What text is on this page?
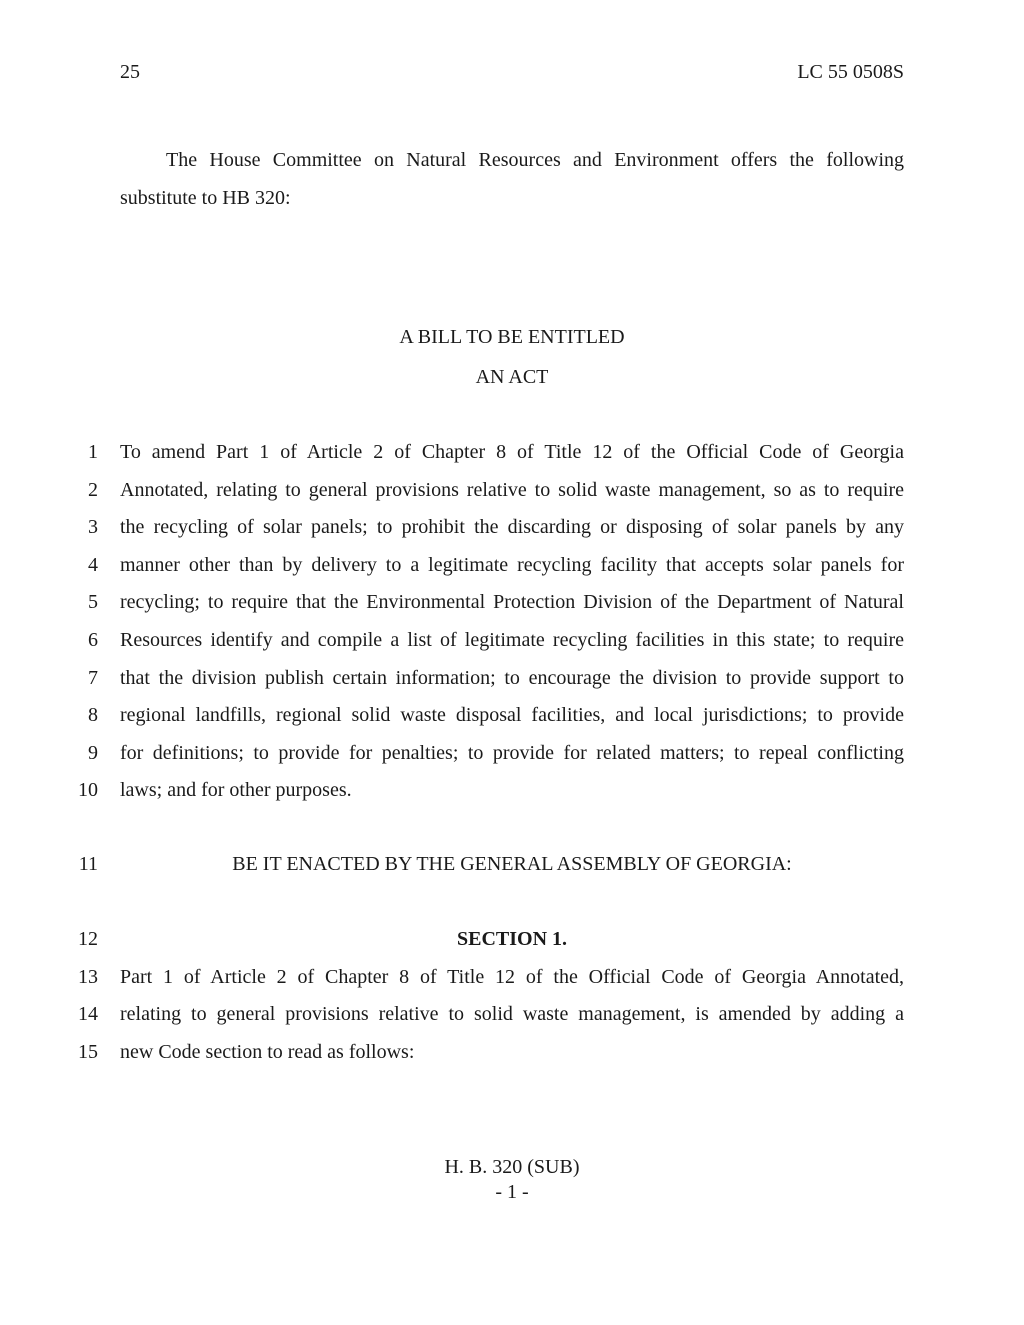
25	LC 55 0508S

The House Committee on Natural Resources and Environment offers the following

substitute to HB 320:

A BILL TO BE ENTITLED
AN ACT
1 To amend Part 1 of Article 2 of Chapter 8 of Title 12 of the Official Code of Georgia
2 Annotated, relating to general provisions relative to solid waste management, so as to require
3 the recycling of solar panels; to prohibit the discarding or disposing of solar panels by any
4 manner other than by delivery to a legitimate recycling facility that accepts solar panels for
5 recycling; to require that the Environmental Protection Division of the Department of Natural
6 Resources identify and compile a list of legitimate recycling facilities in this state; to require
7 that the division publish certain information; to encourage the division to provide support to
8 regional landfills, regional solid waste disposal facilities, and local jurisdictions; to provide
9 for definitions; to provide for penalties; to provide for related matters; to repeal conflicting
10 laws; and for other purposes.
11	BE IT ENACTED BY THE GENERAL ASSEMBLY OF GEORGIA:
12	SECTION 1.
13 Part 1 of Article 2 of Chapter 8 of Title 12 of the Official Code of Georgia Annotated,
14 relating to general provisions relative to solid waste management, is amended by adding a
15 new Code section to read as follows:
H. B. 320 (SUB)
- 1 -
